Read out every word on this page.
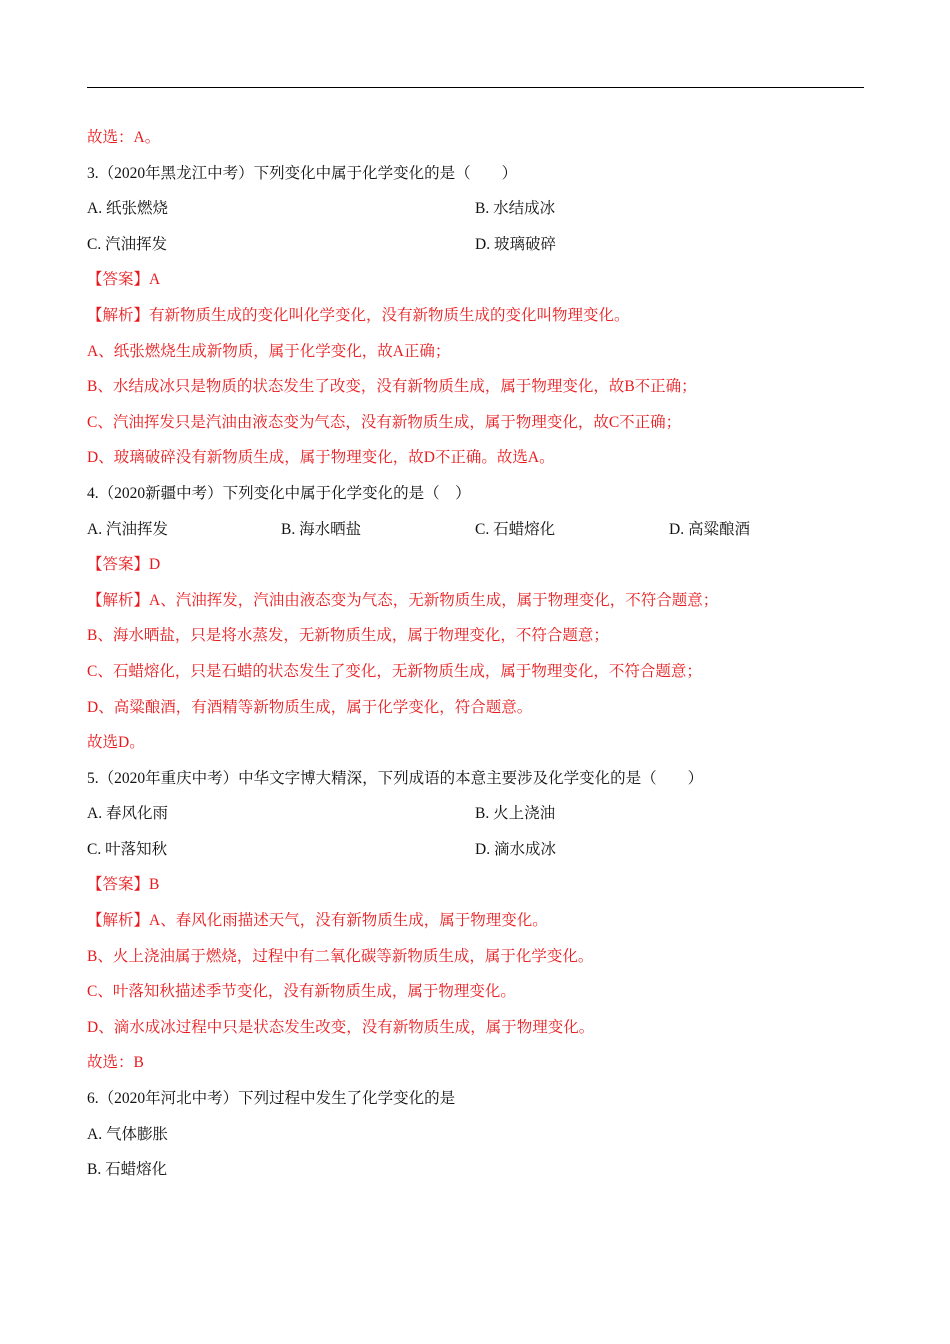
故选：A。
3.（2020年黑龙江中考）下列变化中属于化学变化的是（　　）
A. 纸张燃烧	B. 水结成冰
C. 汽油挥发	D. 玻璃破碎
【答案】A
【解析】有新物质生成的变化叫化学变化，没有新物质生成的变化叫物理变化。
A、纸张燃烧生成新物质，属于化学变化，故A正确；
B、水结成冰只是物质的状态发生了改变，没有新物质生成，属于物理变化，故B不正确；
C、汽油挥发只是汽油由液态变为气态，没有新物质生成，属于物理变化，故C不正确；
D、玻璃破碎没有新物质生成，属于物理变化，故D不正确。故选A。
4.（2020新疆中考）下列变化中属于化学变化的是（　）
A. 汽油挥发	B. 海水晒盐	C. 石蜡熔化	D. 高粱酿酒
【答案】D
【解析】A、汽油挥发，汽油由液态变为气态，无新物质生成，属于物理变化，不符合题意；
B、海水晒盐，只是将水蒸发，无新物质生成，属于物理变化，不符合题意；
C、石蜡熔化，只是石蜡的状态发生了变化，无新物质生成，属于物理变化，不符合题意；
D、高粱酿酒，有酒精等新物质生成，属于化学变化，符合题意。
故选D。
5.（2020年重庆中考）中华文字博大精深，下列成语的本意主要涉及化学变化的是（　　）
A. 春风化雨	B. 火上浇油
C. 叶落知秋	D. 滴水成冰
【答案】B
【解析】A、春风化雨描述天气，没有新物质生成，属于物理变化。
B、火上浇油属于燃烧，过程中有二氧化碳等新物质生成，属于化学变化。
C、叶落知秋描述季节变化，没有新物质生成，属于物理变化。
D、滴水成冰过程中只是状态发生改变，没有新物质生成，属于物理变化。
故选：B
6.（2020年河北中考）下列过程中发生了化学变化的是
A. 气体膨胀
B. 石蜡熔化
